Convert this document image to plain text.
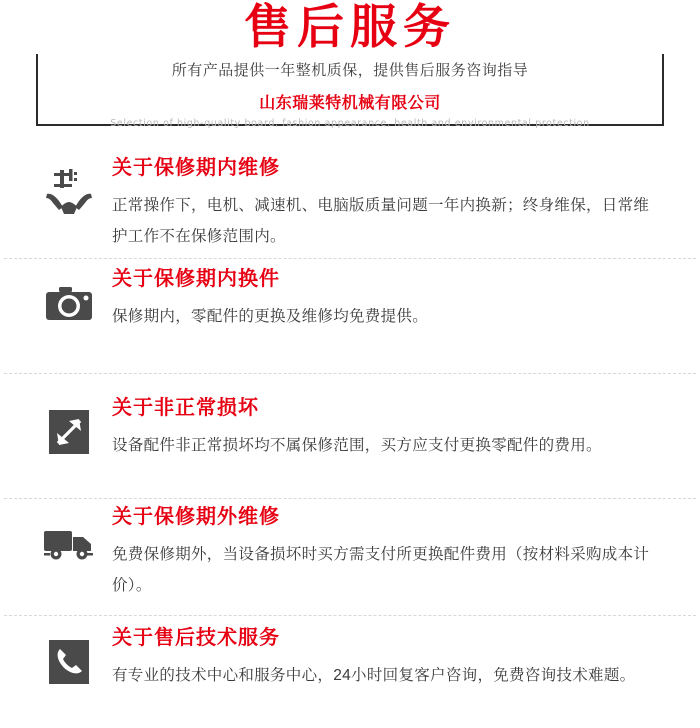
售后服务
所有产品提供一年整机质保，提供售后服务咨询指导
山东瑞莱特机械有限公司
Selection of high-quality board, fashion appearance, health and environmental protection
关于保修期内维修
正常操作下，电机、减速机、电脑版质量问题一年内换新；终身维保，日常维护工作不在保修范围内。
关于保修期内换件
保修期内，零配件的更换及维修均免费提供。
关于非正常损坏
设备配件非正常损坏均不属保修范围，买方应支付更换零配件的费用。
关于保修期外维修
免费保修期外，当设备损坏时买方需支付所更换配件费用（按材料采购成本计价）。
关于售后技术服务
有专业的技术中心和服务中心，24小时回复客户咨询，免费咨询技术难题。
